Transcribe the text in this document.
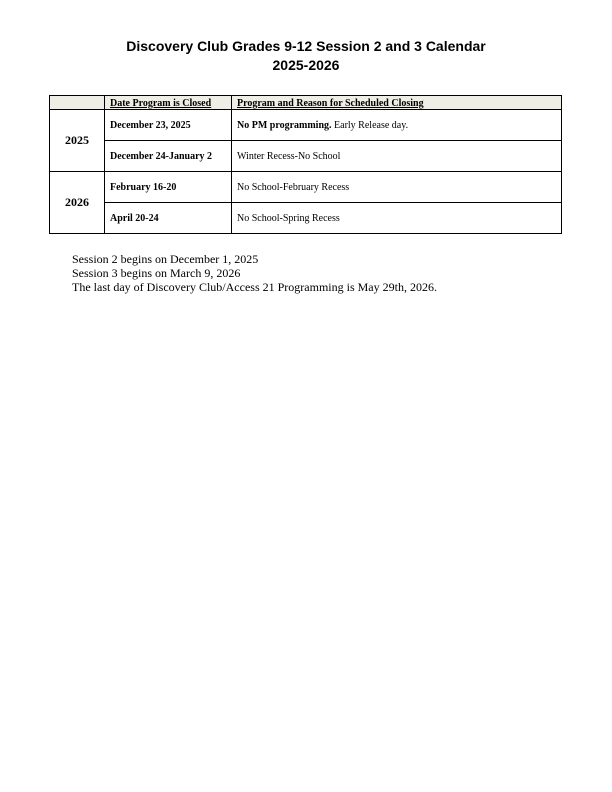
Discovery Club Grades 9-12 Session 2 and 3 Calendar
2025-2026
	Date Program is Closed	Program and Reason for Scheduled Closing
2025	December 23, 2025	No PM programming. Early Release day.
	December 24-January 2	Winter Recess-No School
2026	February 16-20	No School-February Recess
	April 20-24	No School-Spring Recess
Session 2 begins on December 1, 2025
Session 3 begins on March 9, 2026
The last day of Discovery Club/Access 21 Programming is May 29th, 2026.
